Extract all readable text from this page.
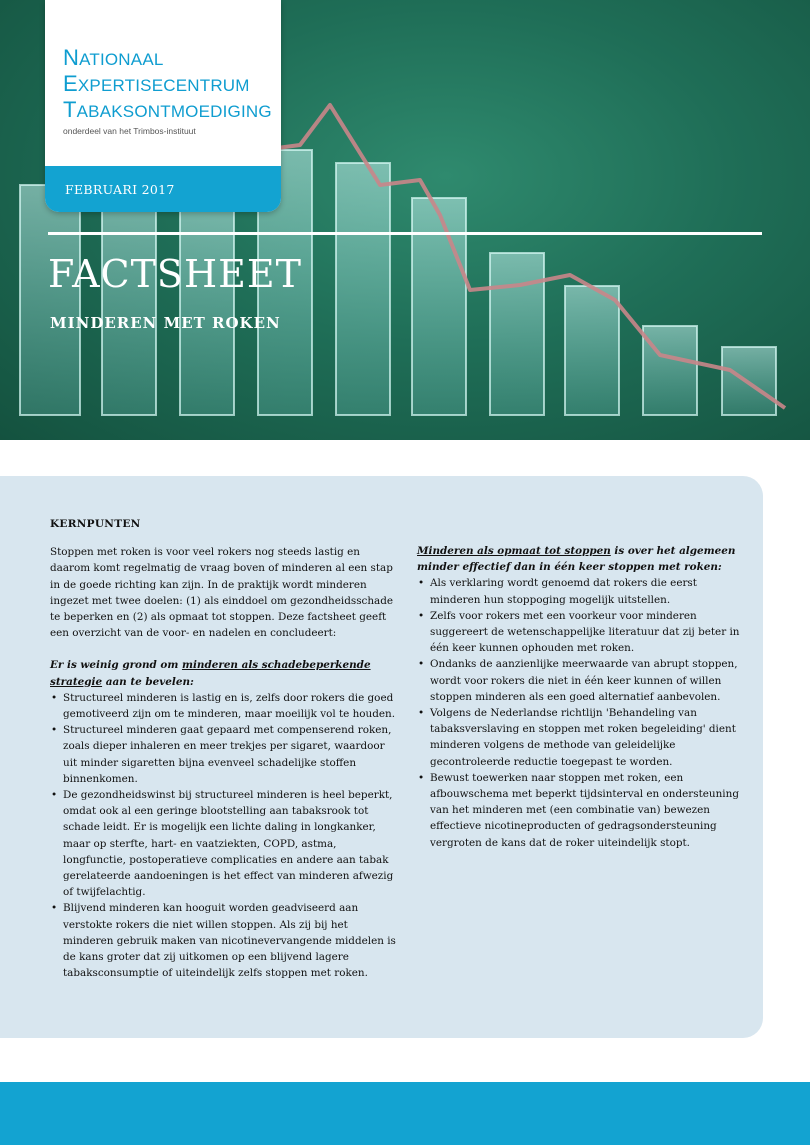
NATIONAAL
EXPERTISECENTRUM
TABAKSONTMOEDIGING
onderdeel van het Trimbos-instituut
FEBRUARI 2017
FACTSHEET
MINDEREN MET ROKEN
KERNPUNTEN

Stoppen met roken is voor veel rokers nog steeds lastig en daarom komt regelmatig de vraag boven of minderen al een stap in de goede richting kan zijn. In de praktijk wordt minderen ingezet met twee doelen: (1) als einddoel om gezondheidsschade te beperken en (2) als opmaat tot stoppen. Deze factsheet geeft een overzicht van de voor- en nadelen en concludeert:

Er is weinig grond om minderen als schadebeperkende strategie aan te bevelen:
• Structureel minderen is lastig en is, zelfs door rokers die goed gemotiveerd zijn om te minderen, maar moeilijk vol te houden.
• Structureel minderen gaat gepaard met compenserend roken, zoals dieper inhaleren en meer trekjes per sigaret, waardoor uit minder sigaretten bijna evenveel schadelijke stoffen binnenkomen.
• De gezondheidswinst bij structureel minderen is heel beperkt, omdat ook al een geringe blootstelling aan tabaksrook tot schade leidt. Er is mogelijk een lichte daling in longkanker, maar op sterfte, hart- en vaatziekten, COPD, astma, longfunctie, postoperatieve complicaties en andere aan tabak gerelateerde aandoeningen is het effect van minderen afwezig of twijfelachtig.
• Blijvend minderen kan hooguit worden geadviseerd aan verstokte rokers die niet willen stoppen. Als zij bij het minderen gebruik maken van nicotinevervangende middelen is de kans groter dat zij uitkomen op een blijvend lagere tabaksconsumptie of uiteindelijk zelfs stoppen met roken.
Minderen als opmaat tot stoppen is over het algemeen minder effectief dan in één keer stoppen met roken:
• Als verklaring wordt genoemd dat rokers die eerst minderen hun stoppoging mogelijk uitstellen.
• Zelfs voor rokers met een voorkeur voor minderen suggereert de wetenschappelijke literatuur dat zij beter in één keer kunnen ophouden met roken.
• Ondanks de aanzienlijke meerwaarde van abrupt stoppen, wordt voor rokers die niet in één keer kunnen of willen stoppen minderen als een goed alternatief aanbevolen.
• Volgens de Nederlandse richtlijn 'Behandeling van tabaksverslaving en stoppen met roken begeleiding' dient minderen volgens de methode van geleidelijke gecontroleerde reductie toegepast te worden.
• Bewust toewerken naar stoppen met roken, een afbouwschema met beperkt tijdsinterval en ondersteuning van het minderen met (een combinatie van) bewezen effectieve nicotineproducten of gedragsondersteuning vergroten de kans dat de roker uiteindelijk stopt.
